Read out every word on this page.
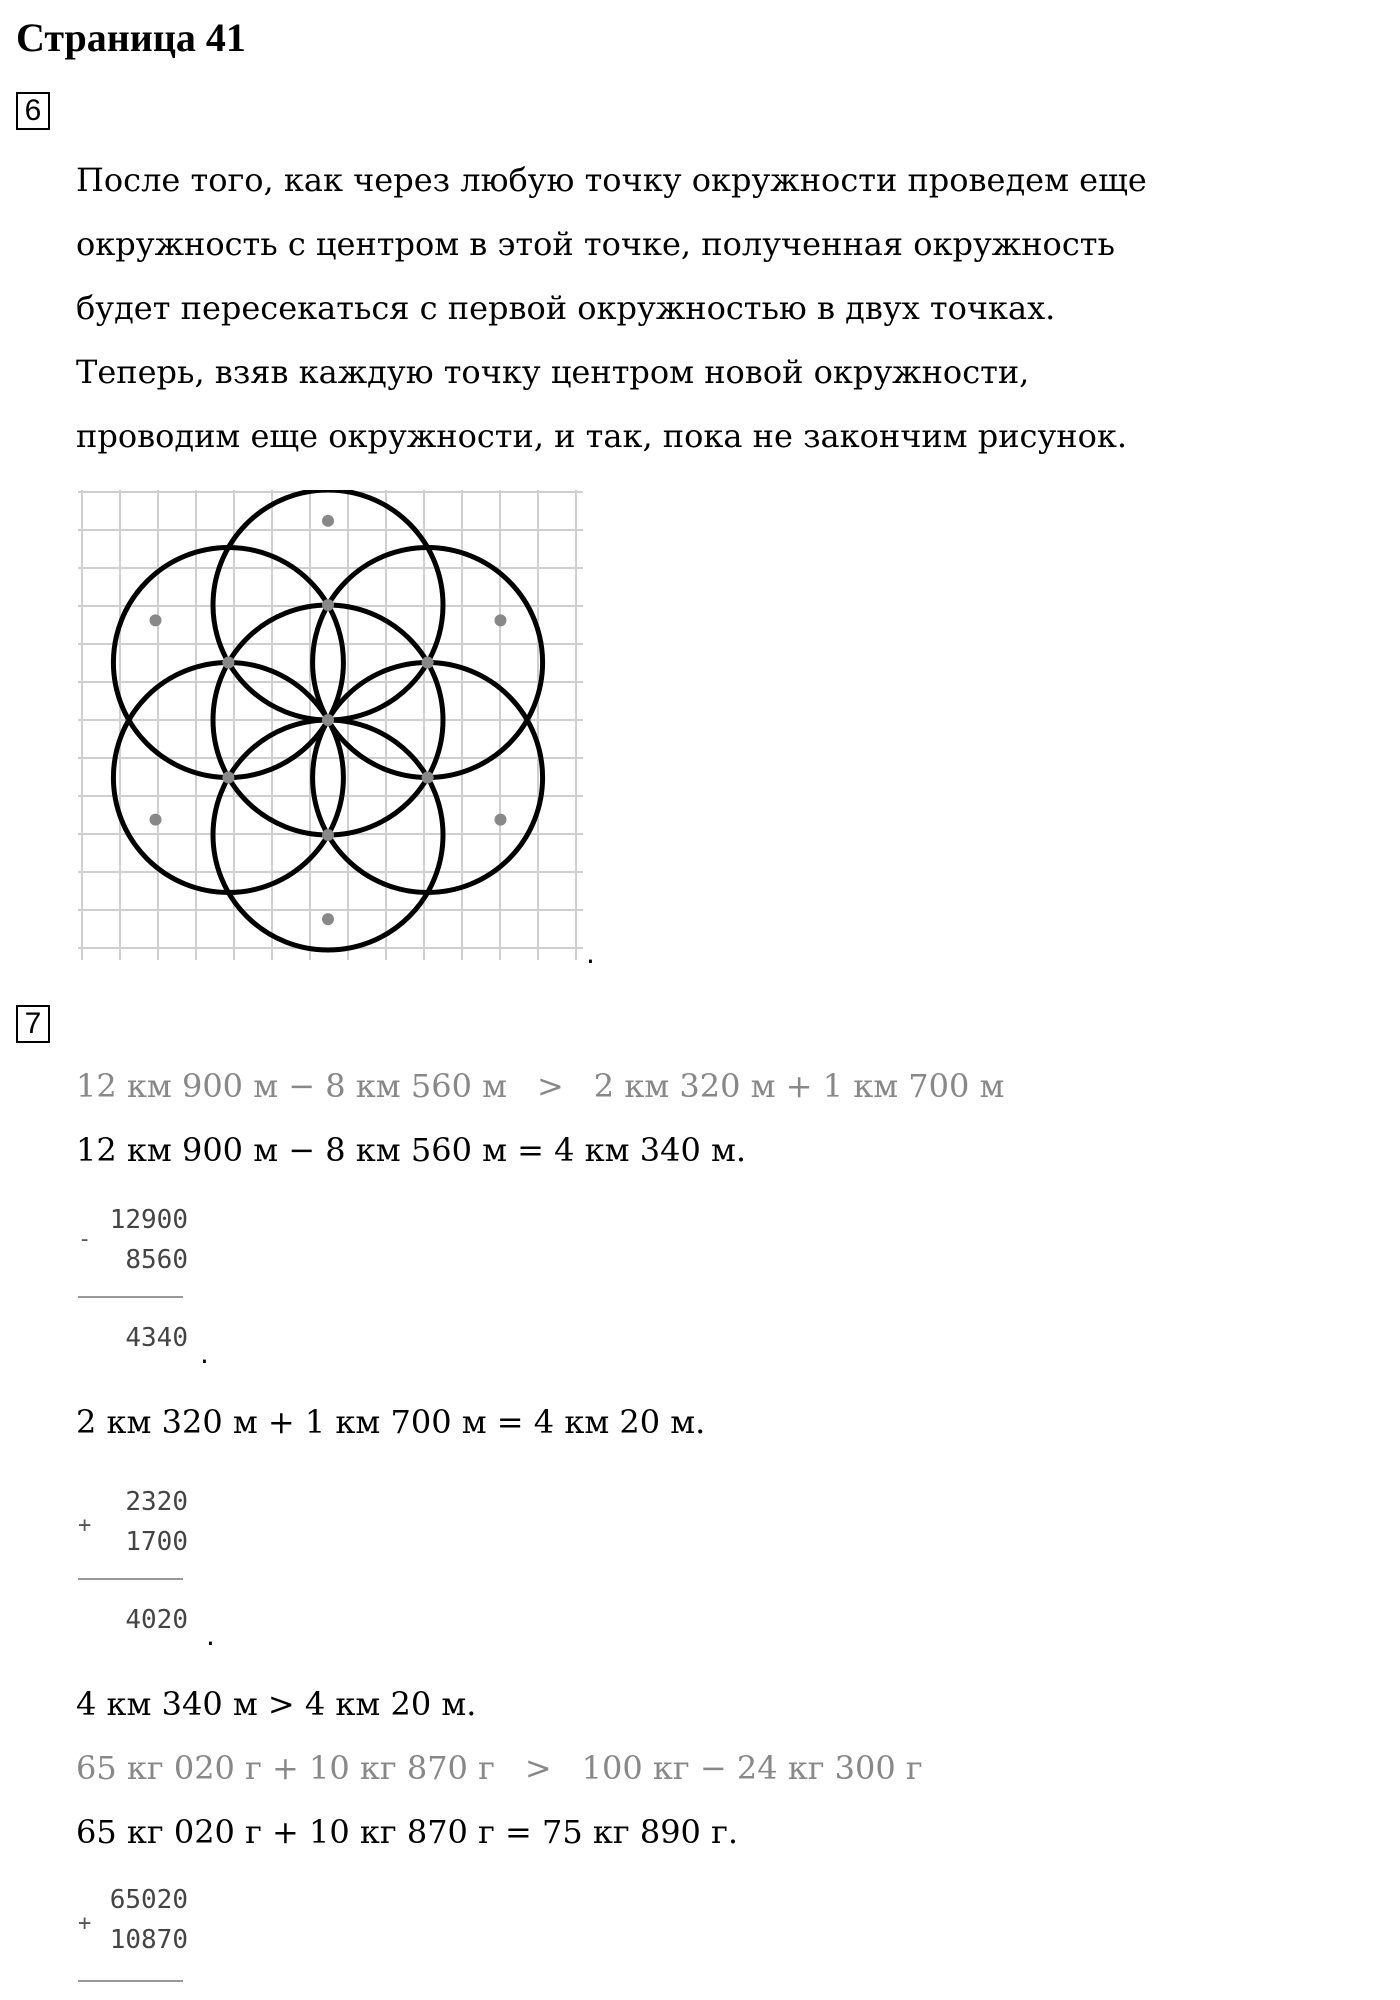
Страница 41
6
После того, как через любую точку окружности проведем еще
окружность с центром в этой точке, полученная окружность
будет пересекаться с первой окружностью в двух точках.
Теперь, взяв каждую точку центром новой окружности,
проводим еще окружности, и так, пока не закончим рисунок.
.
7
12 км 900 м − 8 км 560 м > 2 км 320 м + 1 км 700 м
12 км 900 м − 8 км 560 м = 4 км 340 м.
-
12900
8560
4340 .
2 км 320 м + 1 км 700 м = 4 км 20 м.
+
2320
1700
4020 .
4 км 340 м > 4 км 20 м.
65 кг 020 г + 10 кг 870 г > 100 кг − 24 кг 300 г
65 кг 020 г + 10 кг 870 г = 75 кг 890 г.
+
65020
10870
